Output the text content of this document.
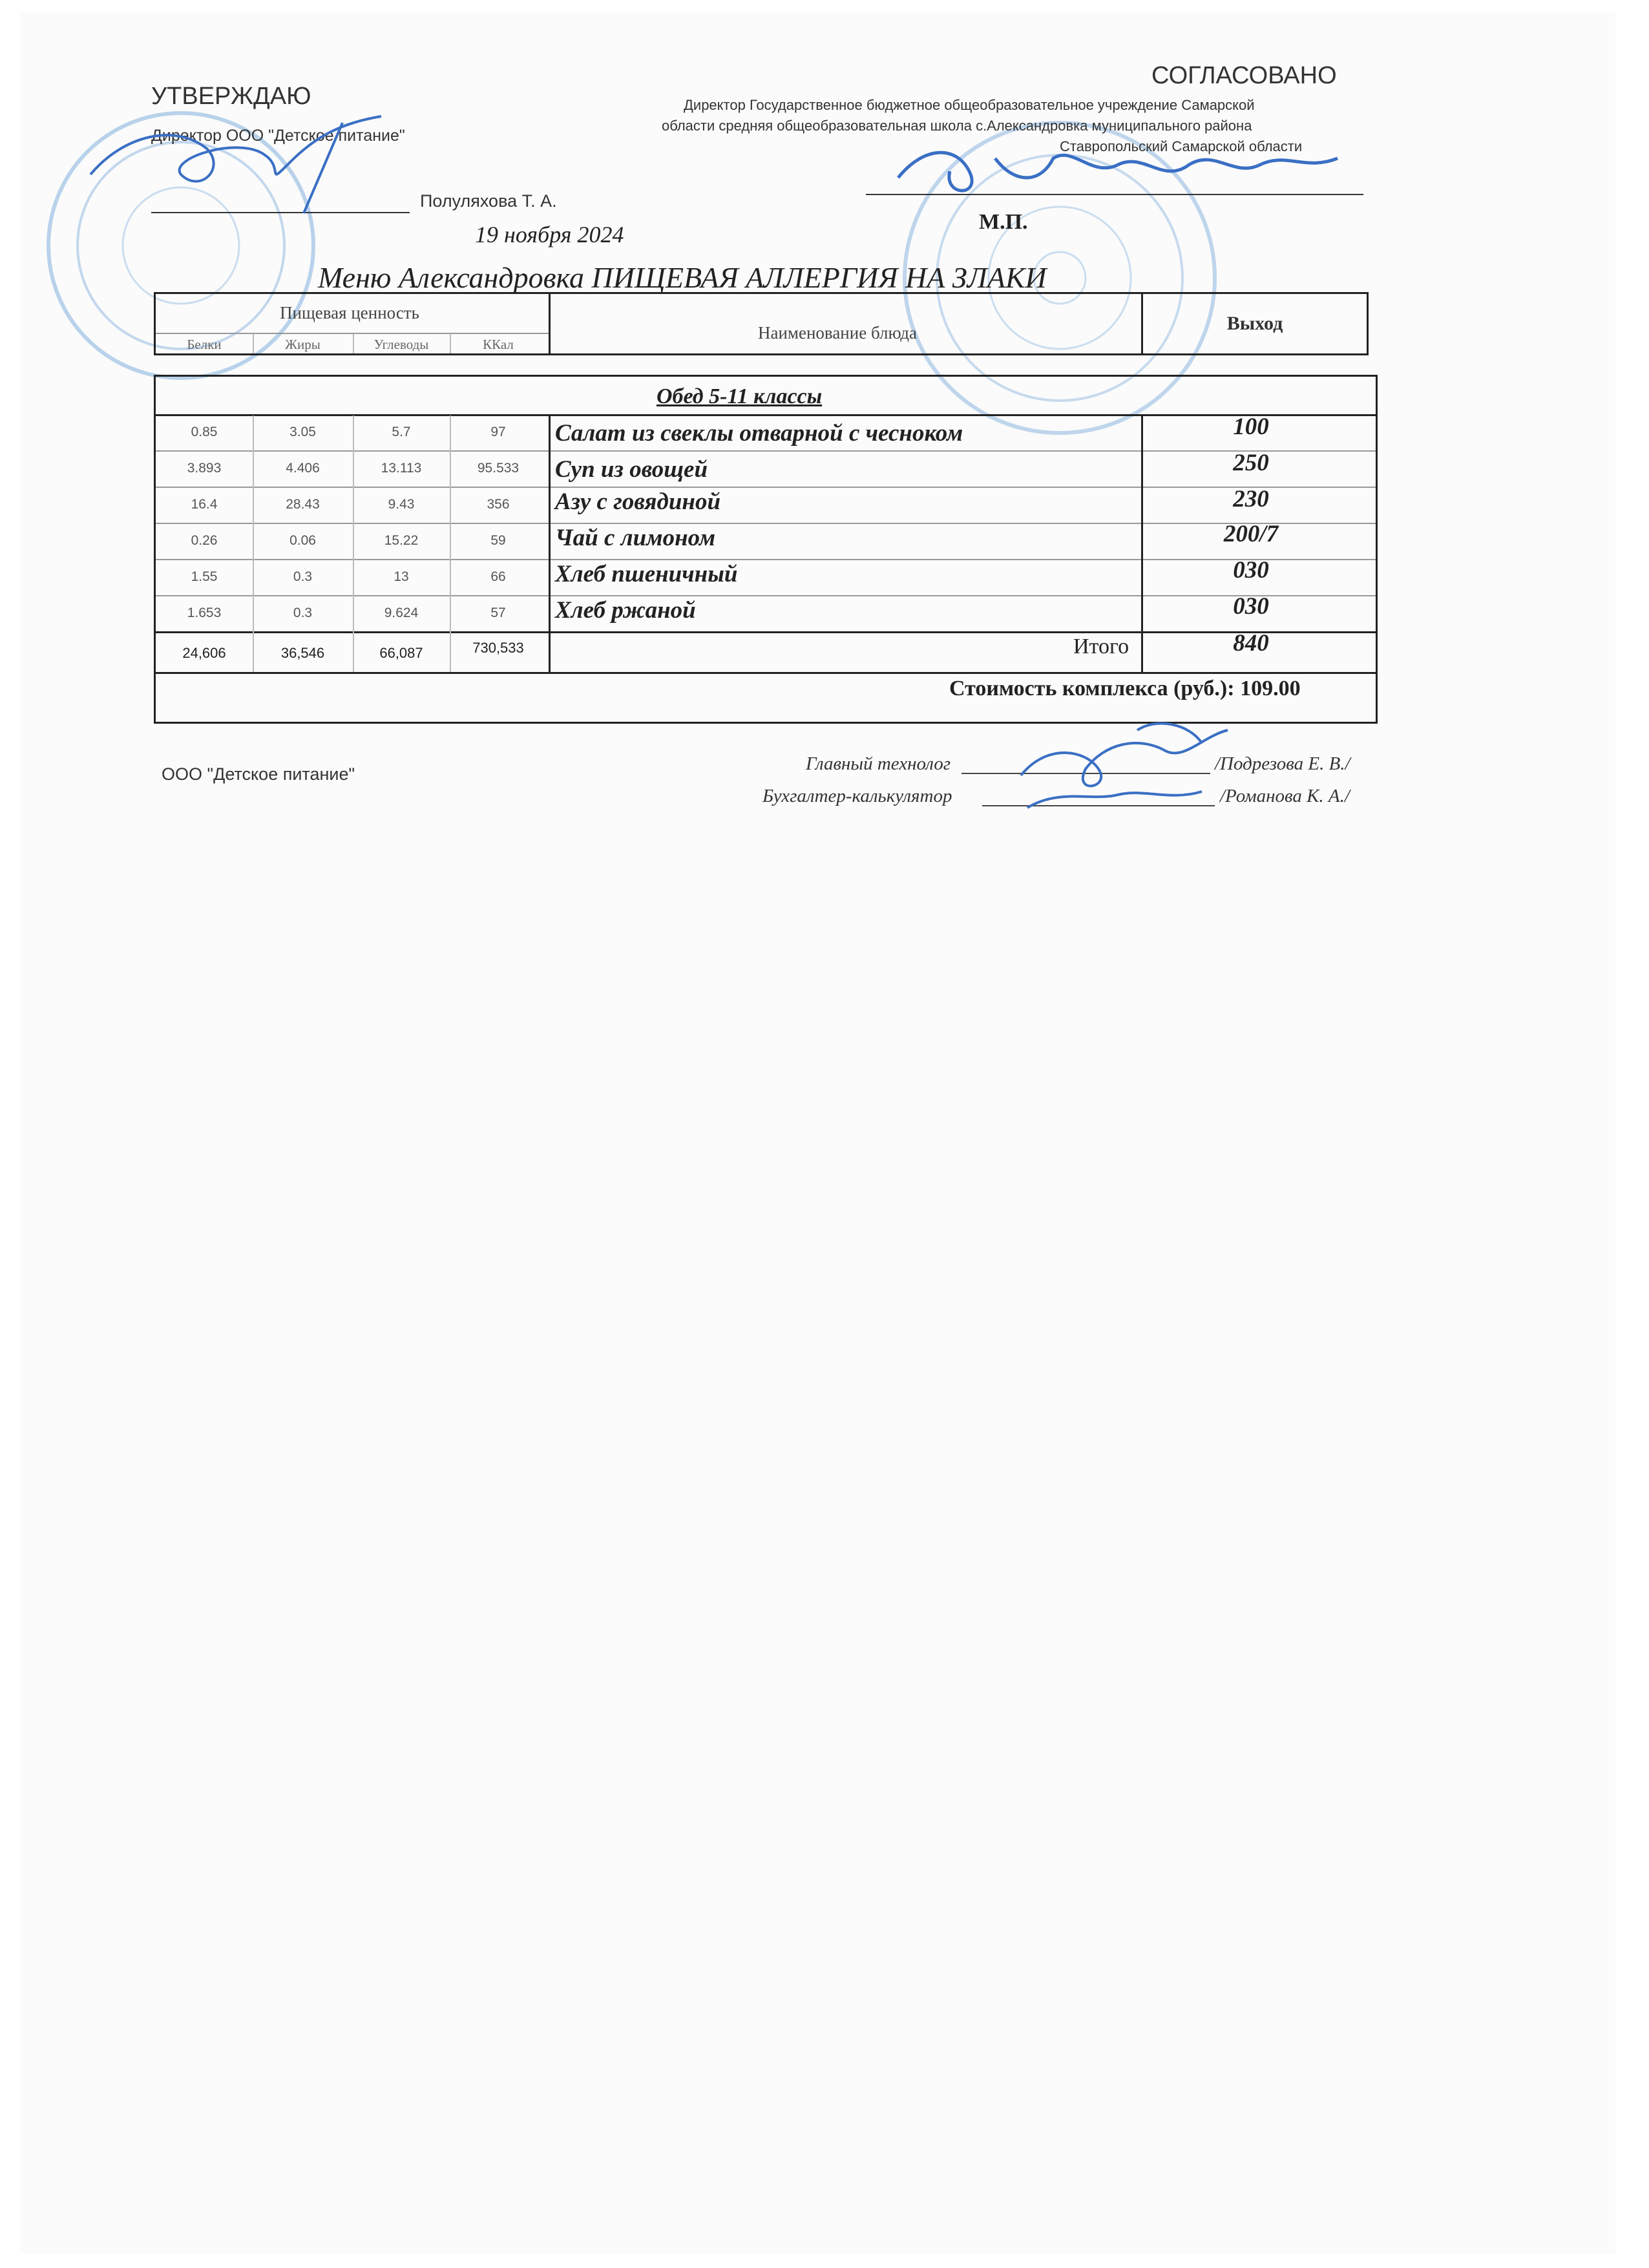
УТВЕРЖДАЮ
Директор ООО "Детское питание"
Полуляхова Т. А.
19 ноября 2024
СОГЛАСОВАНО
Директор Государственное бюджетное общеобразовательное учреждение Самарской
области средняя общеобразовательная школа с.Александровка муниципального района
Ставропольский Самарской области
М.П.
Меню Александровка ПИЩЕВАЯ АЛЛЕРГИЯ НА ЗЛАКИ
Пищевая ценность
Белки	Жиры	Углеводы	ККал
Наименование блюда	Выход
Обед 5-11 классы
0.85	3.05	5.7	97	Салат из свеклы отварной с чесноком	100
3.893	4.406	13.113	95.533	Суп из овощей	250
16.4	28.43	9.43	356	Азу с говядиной	230
0.26	0.06	15.22	59	Чай с лимоном	200/7
1.55	0.3	13	66	Хлеб пшеничный	030
1.653	0.3	9.624	57	Хлеб ржаной	030
24,606	36,546	66,087	730,533	Итого	840
Стоимость комплекса (руб.): 109.00
ООО "Детское питание"	Главный технолог	/Подрезова Е. В./
Бухгалтер-калькулятор	/Романова К. А./
